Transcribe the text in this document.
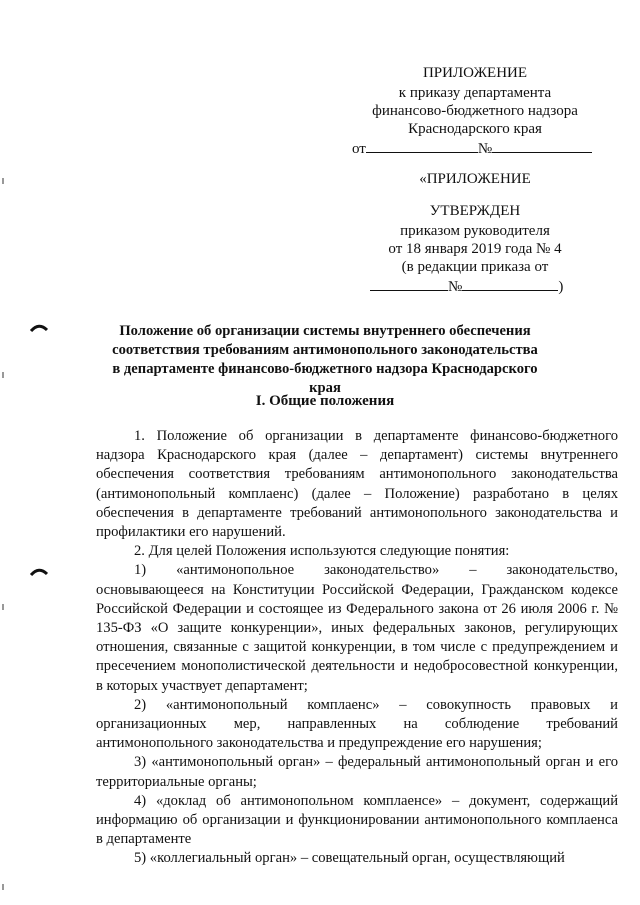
ПРИЛОЖЕНИЕ
к приказу департамента
финансово-бюджетного надзора
Краснодарского края
от	№
«ПРИЛОЖЕНИЕ
УТВЕРЖДЕН
приказом руководителя
от 18 января 2019 года № 4
(в редакции приказа от
№	)
Положение об организации системы внутреннего обеспечения соответствия требованиям антимонопольного законодательства в департаменте финансово-бюджетного надзора Краснодарского края
I. Общие положения

1. Положение об организации в департаменте финансово-бюджетного надзора Краснодарского края (далее – департамент) системы внутреннего обеспечения соответствия требованиям антимонопольного законодательства (антимонопольный комплаенс) (далее – Положение) разработано в целях обеспечения в департаменте требований антимонопольного законодательства и профилактики его нарушений.

2. Для целей Положения используются следующие понятия:

1) «антимонопольное законодательство» – законодательство, основывающееся на Конституции Российской Федерации, Гражданском кодексе Российской Федерации и состоящее из Федерального закона от 26 июля 2006 г. № 135-ФЗ «О защите конкуренции», иных федеральных законов, регулирующих отношения, связанные с защитой конкуренции, в том числе с предупреждением и пресечением монополистической деятельности и недобросовестной конкуренции, в которых участвует департамент;

2) «антимонопольный комплаенс» – совокупность правовых и организационных мер, направленных на соблюдение требований антимонопольного законодательства и предупреждение его нарушения;

3) «антимонопольный орган» – федеральный антимонопольный орган и его территориальные органы;

4) «доклад об антимонопольном комплаенсе» – документ, содержащий информацию об организации и функционировании антимонопольного комплаенса в департаменте

5) «коллегиальный орган» – совещательный орган, осуществляющий
